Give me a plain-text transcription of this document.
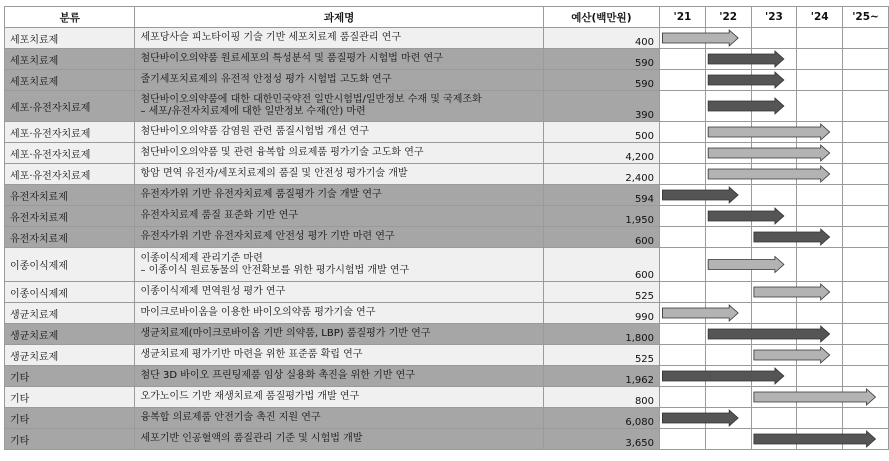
분류	과제명	예산(백만원)	'21	'22	'23	'24	'25~
세포치료제	세포당사슬 피노타이핑 기술 기반 세포치료제 품질관리 연구	400					
세포치료제	첨단바이오의약품 원료세포의 특성분석 및 품질평가 시험법 마련 연구	590					
세포치료제	줄기세포치료제의 유전적 안정성 평가 시험법 고도화 연구	590					
세포·유전자치료제	첨단바이오의약품에 대한 대한민국약전 일반시험법/일반정보 수재 및 국제조화
– 세포/유전자치료제에 대한 일반정보 수재(안) 마련	390					
세포·유전자치료제	첨단바이오의약품 감염원 관련 품질시험법 개선 연구	500					
세포·유전자치료제	첨단바이오의약품 및 관련 융복합 의료제품 평가기술 고도화 연구	4,200					
세포·유전자치료제	항암 면역 유전자/세포치료제의 품질 및 안전성 평가기술 개발	2,400					
유전자치료제	유전자가위 기반 유전자치료제 품질평가 기술 개발 연구	594					
유전자치료제	유전자치료제 품질 표준화 기반 연구	1,950					
유전자치료제	유전자가위 기반 유전자치료제 안전성 평가 기반 마련 연구	600					
이종이식제제	이종이식제제 관리기준 마련
– 이종이식 원료동물의 안전확보를 위한 평가시험법 개발 연구	600					
이종이식제제	이종이식제제 면역원성 평가 연구	525					
생균치료제	마이크로바이옴을 이용한 바이오의약품 평가기술 연구	990					
생균치료제	생균치료제(마이크로바이옴 기반 의약품, LBP) 품질평가 기반 연구	1,800					
생균치료제	생균치료제 평가기반 마련을 위한 표준품 확립 연구	525					
기타	첨단 3D 바이오 프린팅제품 임상 실용화 촉진을 위한 기반 연구	1,962					
기타	오가노이드 기반 재생치료제 품질평가법 개발 연구	800					
기타	융복합 의료제품 안전기술 촉진 지원 연구	6,080					
기타	세포기반 인공혈액의 품질관리 기준 및 시험법 개발	3,650					
